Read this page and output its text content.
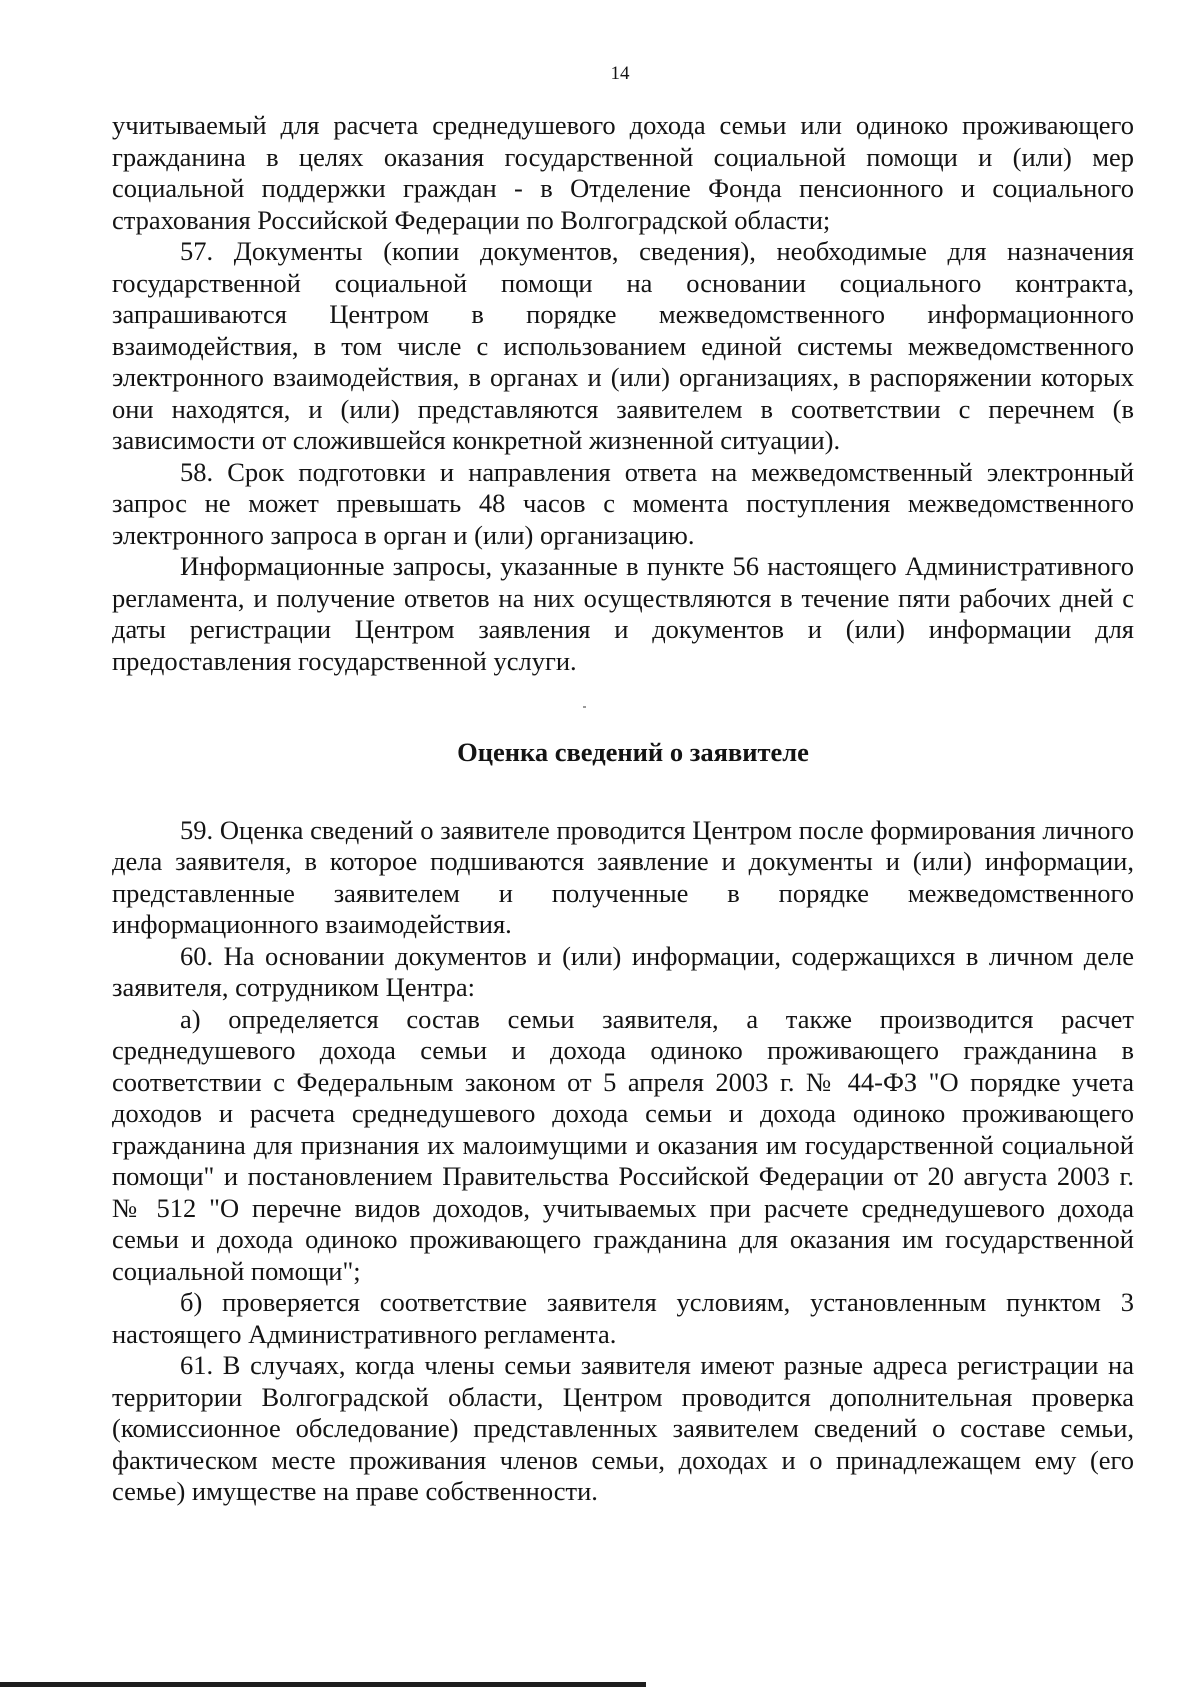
14

учитываемый для расчета среднедушевого дохода семьи или одиноко проживающего гражданина в целях оказания государственной социальной помощи и (или) мер социальной поддержки граждан - в Отделение Фонда пенсионного и социального страхования Российской Федерации по Волгоградской области;

57. Документы (копии документов, сведения), необходимые для назначения государственной социальной помощи на основании социального контракта, запрашиваются Центром в порядке межведомственного информационного взаимодействия, в том числе с использованием единой системы межведомственного электронного взаимодействия, в органах и (или) организациях, в распоряжении которых они находятся, и (или) представляются заявителем в соответствии с перечнем (в зависимости от сложившейся конкретной жизненной ситуации).

58. Срок подготовки и направления ответа на межведомственный электронный запрос не может превышать 48 часов с момента поступления межведомственного электронного запроса в орган и (или) организацию.

Информационные запросы, указанные в пункте 56 настоящего Административного регламента, и получение ответов на них осуществляются в течение пяти рабочих дней с даты регистрации Центром заявления и документов и (или) информации для предоставления государственной услуги.

Оценка сведений о заявителе

59. Оценка сведений о заявителе проводится Центром после формирования личного дела заявителя, в которое подшиваются заявление и документы и (или) информации, представленные заявителем и полученные в порядке межведомственного информационного взаимодействия.

60. На основании документов и (или) информации, содержащихся в личном деле заявителя, сотрудником Центра:

а) определяется состав семьи заявителя, а также производится расчет среднедушевого дохода семьи и дохода одиноко проживающего гражданина в соответствии с Федеральным законом от 5 апреля 2003 г. № 44-ФЗ "О порядке учета доходов и расчета среднедушевого дохода семьи и дохода одиноко проживающего гражданина для признания их малоимущими и оказания им государственной социальной помощи" и постановлением Правительства Российской Федерации от 20 августа 2003 г. № 512 "О перечне видов доходов, учитываемых при расчете среднедушевого дохода семьи и дохода одиноко проживающего гражданина для оказания им государственной социальной помощи";

б) проверяется соответствие заявителя условиям, установленным пунктом 3 настоящего Административного регламента.

61. В случаях, когда члены семьи заявителя имеют разные адреса регистрации на территории Волгоградской области, Центром проводится дополнительная проверка (комиссионное обследование) представленных заявителем сведений о составе семьи, фактическом месте проживания членов семьи, доходах и о принадлежащем ему (его семье) имуществе на праве собственности.
